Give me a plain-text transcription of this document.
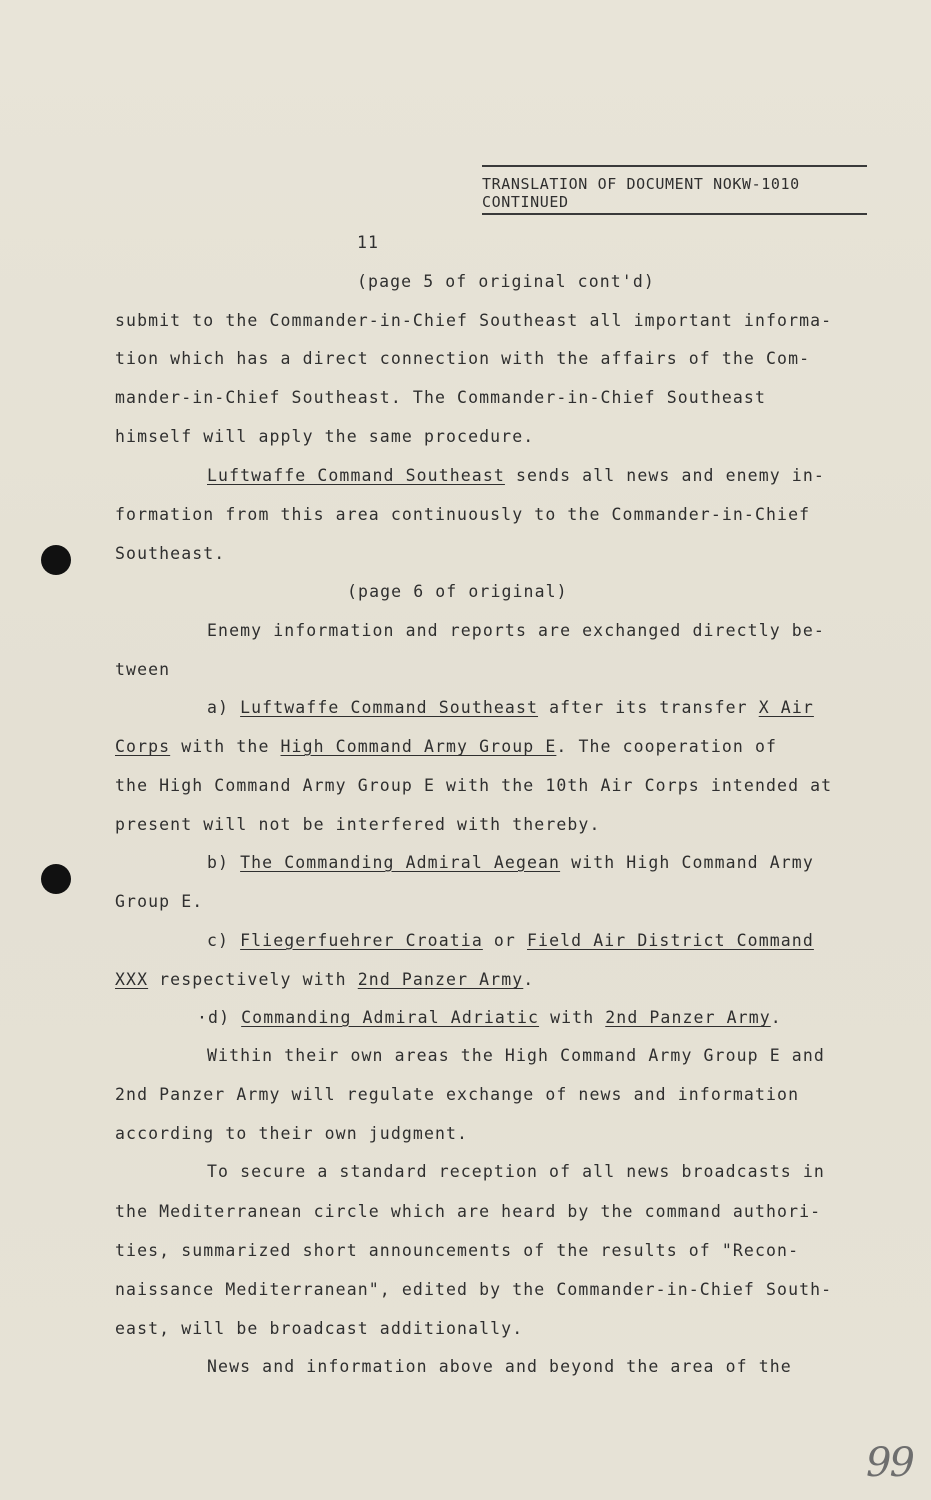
TRANSLATION OF DOCUMENT NOKW-1010
CONTINUED
11
(page 5 of original cont'd)
submit to the Commander-in-Chief Southeast all important informa-
tion which has a direct connection with the affairs of the Com-
mander-in-Chief Southeast. The Commander-in-Chief Southeast
himself will apply the same procedure.
Luftwaffe Command Southeast sends all news and enemy in-
formation from this area continuously to the Commander-in-Chief
Southeast.
(page 6 of original)
Enemy information and reports are exchanged directly be-
tween
a) Luftwaffe Command Southeast after its transfer X Air
Corps with the High Command Army Group E. The cooperation of
the High Command Army Group E with the 10th Air Corps intended at
present will not be interfered with thereby.
b) The Commanding Admiral Aegean with High Command Army
Group E.
c) Fliegerfuehrer Croatia or Field Air District Command
XXX respectively with 2nd Panzer Army.
·d) Commanding Admiral Adriatic with 2nd Panzer Army.
Within their own areas the High Command Army Group E and
2nd Panzer Army will regulate exchange of news and information
according to their own judgment.
To secure a standard reception of all news broadcasts in
the Mediterranean circle which are heard by the command authori-
ties, summarized short announcements of the results of "Recon-
naissance Mediterranean", edited by the Commander-in-Chief South-
east, will be broadcast additionally.
News and information above and beyond the area of the
99
